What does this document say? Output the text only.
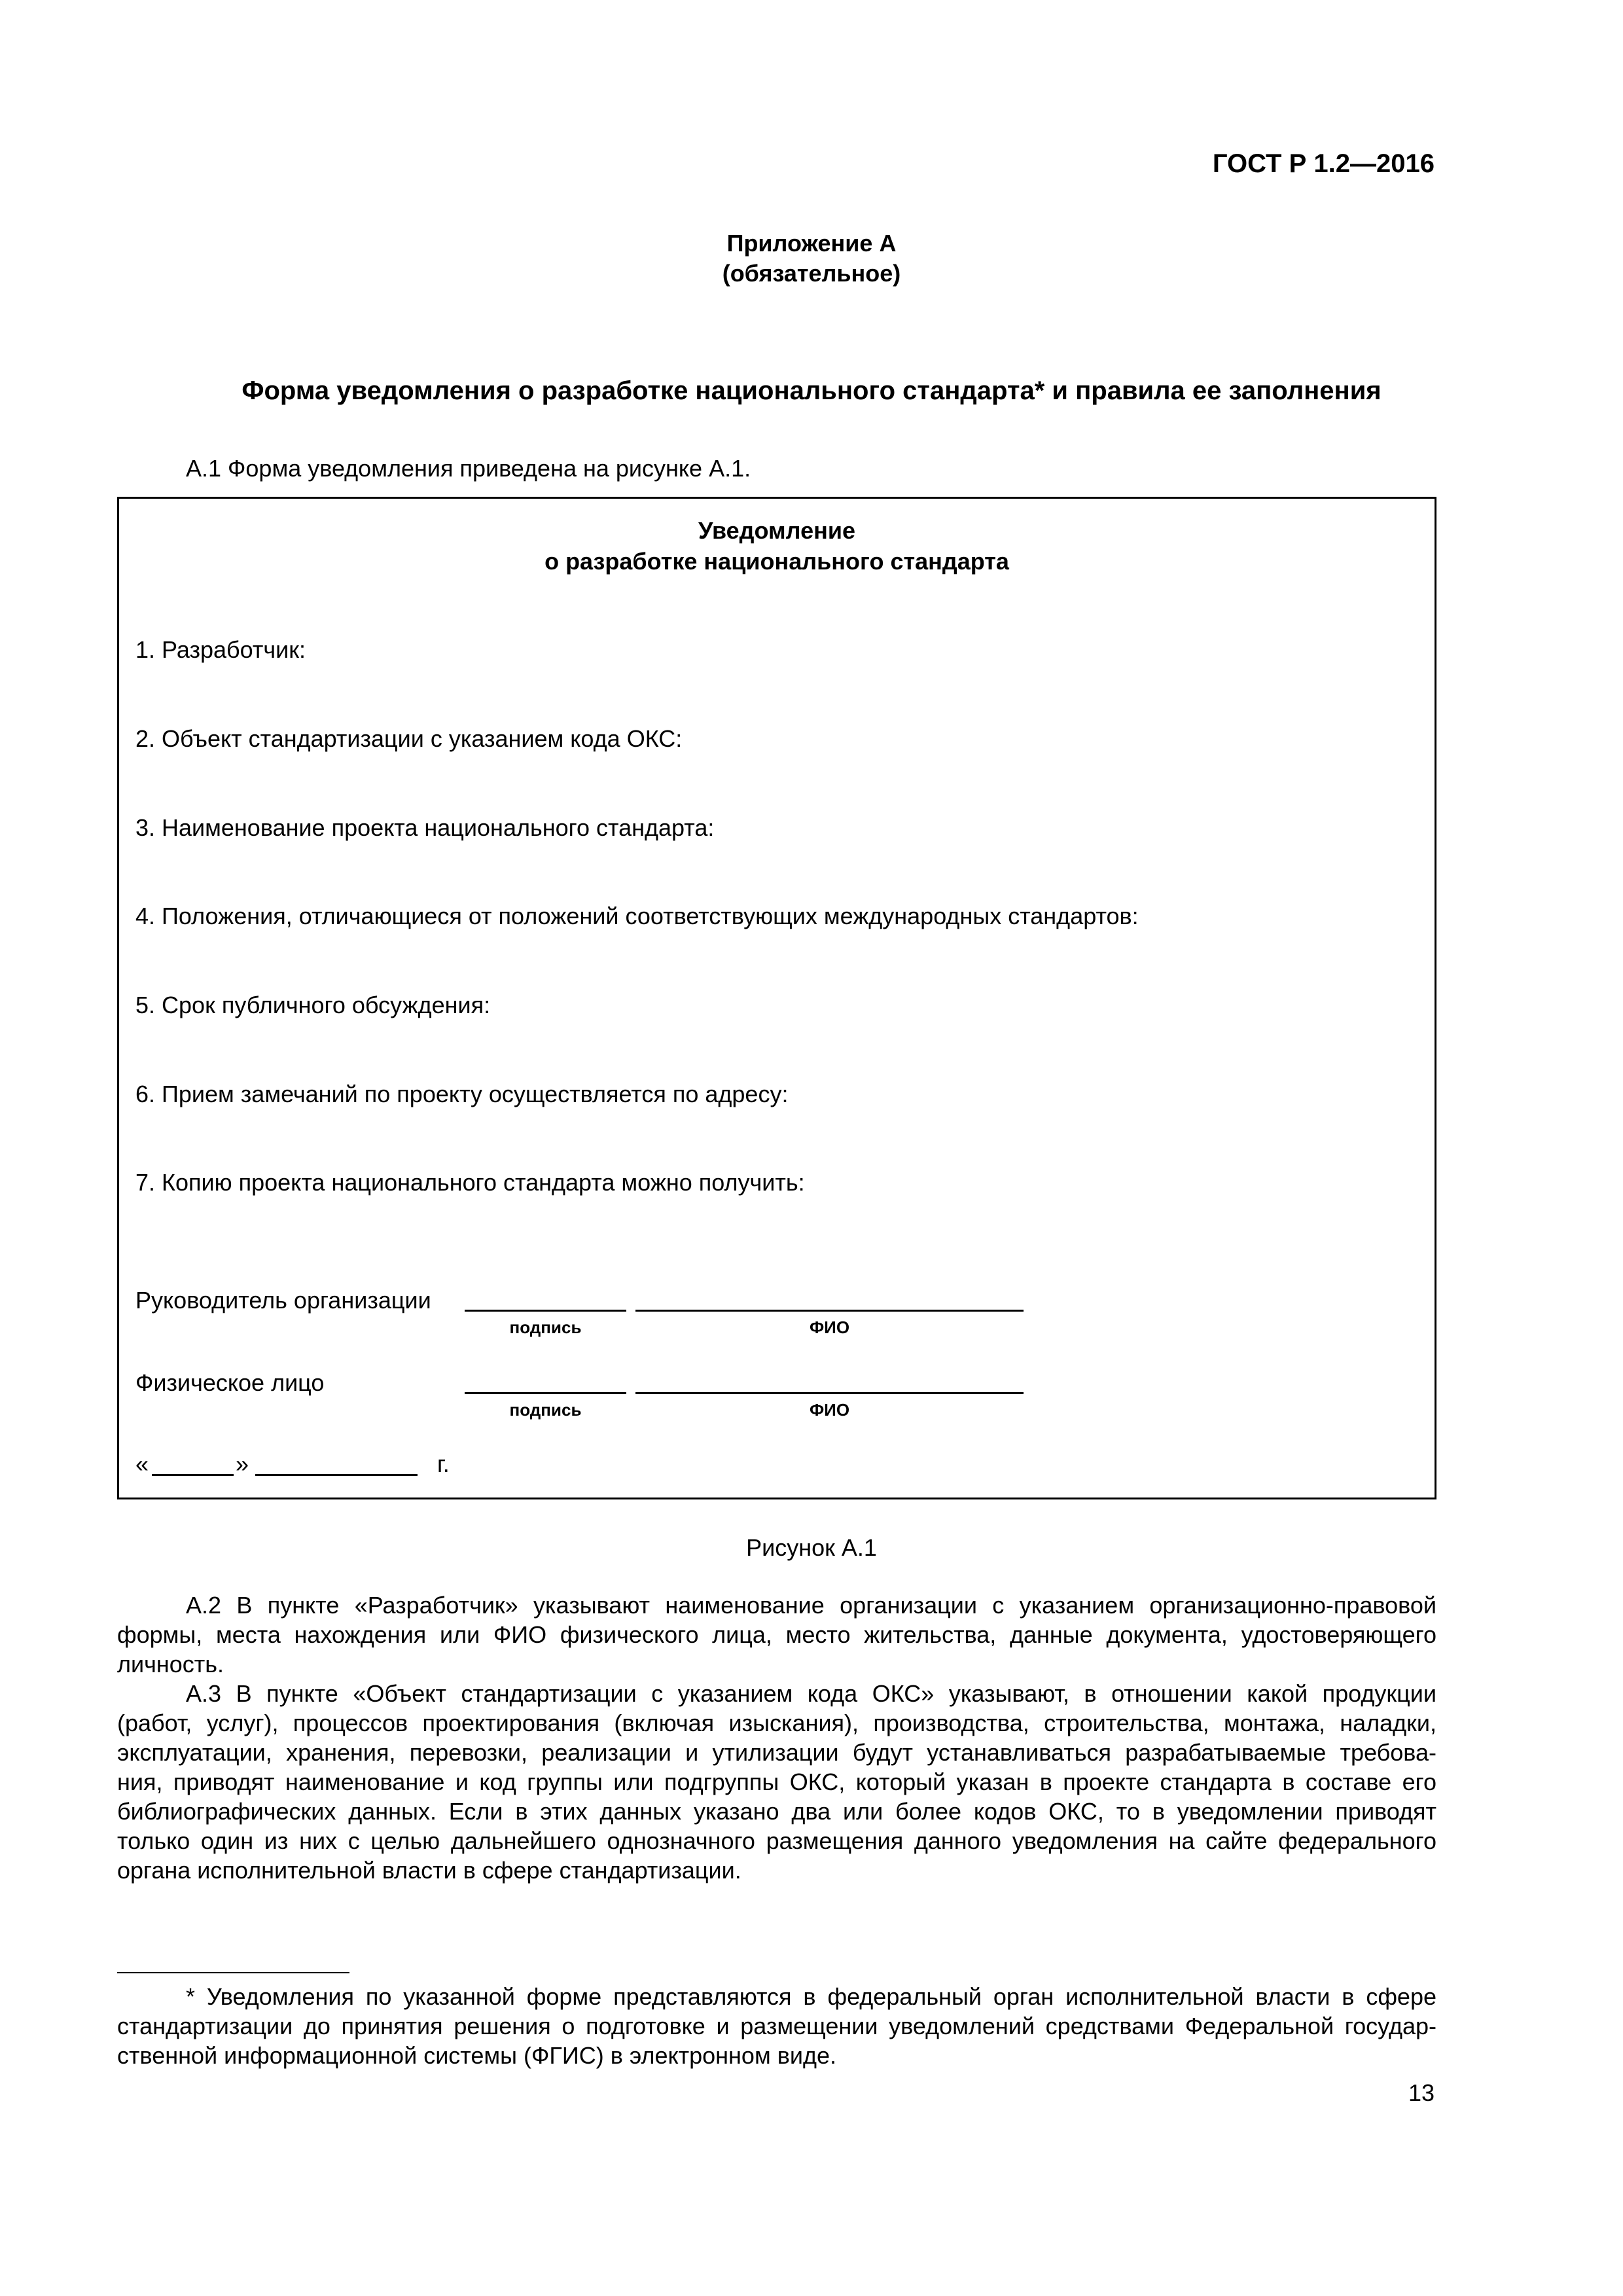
ГОСТ Р 1.2—2016
Приложение А
(обязательное)
Форма уведомления о разработке национального стандарта* и правила ее заполнения
А.1 Форма уведомления приведена на рисунке А.1.
Уведомление
о разработке национального стандарта
1. Разработчик:
2. Объект стандартизации с указанием кода ОКС:
3. Наименование проекта национального стандарта:
4. Положения, отличающиеся от положений соответствующих международных стандартов:
5. Срок публичного обсуждения:
6. Прием замечаний по проекту осуществляется по адресу:
7. Копию проекта национального стандарта можно получить:
Руководитель организации
подпись	ФИО
Физическое лицо
подпись	ФИО
«	»	г.
Рисунок А.1
А.2 В пункте «Разработчик» указывают наименование организации с указанием организационно-правовой
формы, места нахождения или ФИО физического лица, место жительства, данные документа, удостоверяющего
личность.
А.3 В пункте «Объект стандартизации с указанием кода ОКС» указывают, в отношении какой продукции
(работ, услуг), процессов проектирования (включая изыскания), производства, строительства, монтажа, наладки,
эксплуатации, хранения, перевозки, реализации и утилизации будут устанавливаться разрабатываемые требова-
ния, приводят наименование и код группы или подгруппы ОКС, который указан в проекте стандарта в составе его
библиографических данных. Если в этих данных указано два или более кодов ОКС, то в уведомлении приводят
только один из них с целью дальнейшего однозначного размещения данного уведомления на сайте федерального
органа исполнительной власти в сфере стандартизации.
* Уведомления по указанной форме представляются в федеральный орган исполнительной власти в сфере
стандартизации до принятия решения о подготовке и размещении уведомлений средствами Федеральной государ-
ственной информационной системы (ФГИС) в электронном виде.
13
